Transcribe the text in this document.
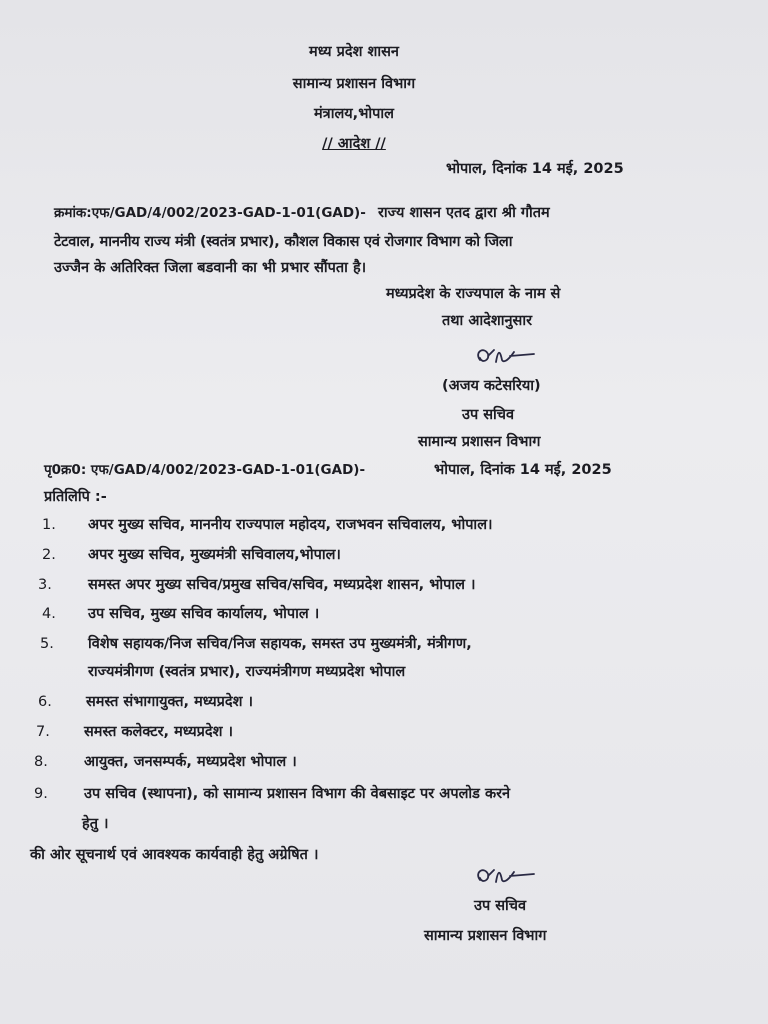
मध्य प्रदेश शासन
सामान्य प्रशासन विभाग
मंत्रालय,भोपाल
// आदेश //
भोपाल, दिनांक 14 मई, 2025
क्रमांक:एफ/GAD/4/002/2023-GAD-1-01(GAD)- राज्य शासन एतद द्वारा श्री गौतम
टेटवाल, माननीय राज्य मंत्री (स्वतंत्र प्रभार), कौशल विकास एवं रोजगार विभाग को जिला
उज्जैन के अतिरिक्त जिला बडवानी का भी प्रभार सौंपता है।
मध्यप्रदेश के राज्यपाल के नाम से
तथा आदेशानुसार
(अजय कटेसरिया)
उप सचिव
सामान्य प्रशासन विभाग
पृ0क्र0: एफ/GAD/4/002/2023-GAD-1-01(GAD)-	भोपाल, दिनांक 14 मई, 2025
प्रतिलिपि :-
1. अपर मुख्य सचिव, माननीय राज्यपाल महोदय, राजभवन सचिवालय, भोपाल।
2. अपर मुख्य सचिव, मुख्यमंत्री सचिवालय,भोपाल।
3. समस्त अपर मुख्य सचिव/प्रमुख सचिव/सचिव, मध्यप्रदेश शासन, भोपाल ।
4. उप सचिव, मुख्य सचिव कार्यालय, भोपाल ।
5. विशेष सहायक/निज सचिव/निज सहायक, समस्त उप मुख्यमंत्री, मंत्रीगण,
राज्यमंत्रीगण (स्वतंत्र प्रभार), राज्यमंत्रीगण मध्यप्रदेश भोपाल
6. समस्त संभागायुक्त, मध्यप्रदेश ।
7. समस्त कलेक्टर, मध्यप्रदेश ।
8. आयुक्त, जनसम्पर्क, मध्यप्रदेश भोपाल ।
9. उप सचिव (स्थापना), को सामान्य प्रशासन विभाग की वेबसाइट पर अपलोड करने
हेतु ।
की ओर सूचनार्थ एवं आवश्यक कार्यवाही हेतु अग्रेषित ।
उप सचिव
सामान्य प्रशासन विभाग
